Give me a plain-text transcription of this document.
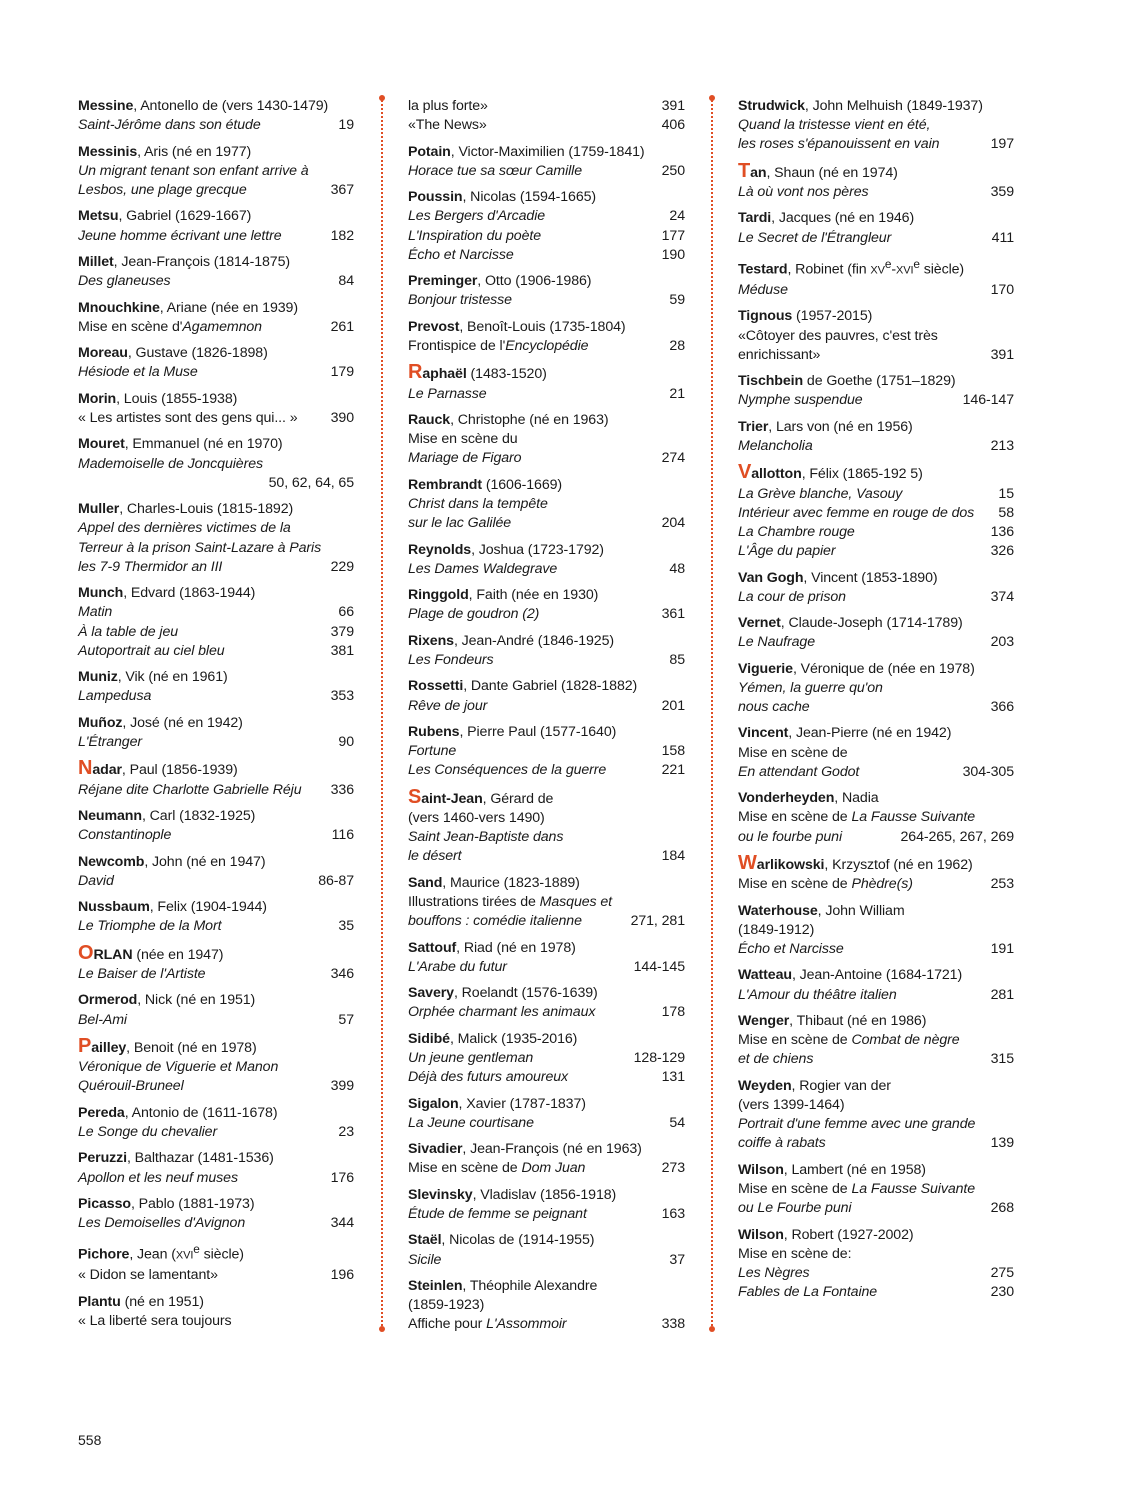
Messine, Antonello de (vers 1430-1479)
Saint-Jérôme dans son étude	19
Messinis, Aris (né en 1977)
Un migrant tenant son enfant arrive à
Lesbos, une plage grecque	367
Metsu, Gabriel (1629-1667)
Jeune homme écrivant une lettre	182
Millet, Jean-François (1814-1875)
Des glaneuses	84
Mnouchkine, Ariane (née en 1939)
Mise en scène d'Agamemnon	261
Moreau, Gustave (1826-1898)
Hésiode et la Muse	179
Morin, Louis (1855-1938)
« Les artistes sont des gens qui... »	390
Mouret, Emmanuel (né en 1970)
Mademoiselle de Joncquières
50, 62, 64, 65
Muller, Charles-Louis (1815-1892)
Appel des dernières victimes de la
Terreur à la prison Saint-Lazare à Paris
les 7-9 Thermidor an III	229
Munch, Edvard (1863-1944)
Matin	66
À la table de jeu	379
Autoportrait au ciel bleu	381
Muniz, Vik (né en 1961)
Lampedusa	353
Muñoz, José (né en 1942)
L'Étranger	90
Nadar, Paul (1856-1939)
Réjane dite Charlotte Gabrielle Réju	336
Neumann, Carl (1832-1925)
Constantinople	116
Newcomb, John (né en 1947)
David	86-87
Nussbaum, Felix (1904-1944)
Le Triomphe de la Mort	35
ORLAN (née en 1947)
Le Baiser de l'Artiste	346
Ormerod, Nick (né en 1951)
Bel-Ami	57
Pailley, Benoit (né en 1978)
Véronique de Viguerie et Manon
Quérouil-Bruneel	399
Pereda, Antonio de (1611-1678)
Le Songe du chevalier	23
Peruzzi, Balthazar (1481-1536)
Apollon et les neuf muses	176
Picasso, Pablo (1881-1973)
Les Demoiselles d'Avignon	344
Pichore, Jean (XVIe siècle)
« Didon se lamentant»	196
Plantu (né en 1951)
« La liberté sera toujours
la plus forte»	391
«The News»	406
Potain, Victor-Maximilien (1759-1841)
Horace tue sa sœur Camille	250
Poussin, Nicolas (1594-1665)
Les Bergers d'Arcadie	24
L'Inspiration du poète	177
Écho et Narcisse	190
Preminger, Otto (1906-1986)
Bonjour tristesse	59
Prevost, Benoît-Louis (1735-1804)
Frontispice de l'Encyclopédie	28
Raphaël (1483-1520)
Le Parnasse	21
Rauck, Christophe (né en 1963)
Mise en scène du
Mariage de Figaro	274
Rembrandt (1606-1669)
Christ dans la tempête
sur le lac Galilée	204
Reynolds, Joshua (1723-1792)
Les Dames Waldegrave	48
Ringgold, Faith (née en 1930)
Plage de goudron (2)	361
Rixens, Jean-André (1846-1925)
Les Fondeurs	85
Rossetti, Dante Gabriel (1828-1882)
Rêve de jour	201
Rubens, Pierre Paul (1577-1640)
Fortune	158
Les Conséquences de la guerre	221
Saint-Jean, Gérard de
(vers 1460-vers 1490)
Saint Jean-Baptiste dans
le désert	184
Sand, Maurice (1823-1889)
Illustrations tirées de Masques et
bouffons : comédie italienne	271, 281
Sattouf, Riad (né en 1978)
L'Arabe du futur	144-145
Savery, Roelandt (1576-1639)
Orphée charmant les animaux	178
Sidibé, Malick (1935-2016)
Un jeune gentleman	128-129
Déjà des futurs amoureux	131
Sigalon, Xavier (1787-1837)
La Jeune courtisane	54
Sivadier, Jean-François (né en 1963)
Mise en scène de Dom Juan	273
Slevinsky, Vladislav (1856-1918)
Étude de femme se peignant	163
Staël, Nicolas de (1914-1955)
Sicile	37
Steinlen, Théophile Alexandre
(1859-1923)
Affiche pour L'Assommoir	338
Strudwick, John Melhuish (1849-1937)
Quand la tristesse vient en été,
les roses s'épanouissent en vain	197
Tan, Shaun (né en 1974)
Là où vont nos pères	359
Tardi, Jacques (né en 1946)
Le Secret de l'Étrangleur	411
Testard, Robinet (fin XVe-XVIe siècle)
Méduse	170
Tignous (1957-2015)
«Côtoyer des pauvres, c'est très
enrichissant»	391
Tischbein de Goethe (1751–1829)
Nymphe suspendue	146-147
Trier, Lars von (né en 1956)
Melancholia	213
Vallotton, Félix (1865-192 5)
La Grève blanche, Vasouy	15
Intérieur avec femme en rouge de dos	58
La Chambre rouge	136
L'Âge du papier	326
Van Gogh, Vincent (1853-1890)
La cour de prison	374
Vernet, Claude-Joseph (1714-1789)
Le Naufrage	203
Viguerie, Véronique de (née en 1978)
Yémen, la guerre qu'on
nous cache	366
Vincent, Jean-Pierre (né en 1942)
Mise en scène de
En attendant Godot	304-305
Vonderheyden, Nadia
Mise en scène de La Fausse Suivante
ou le fourbe puni	264-265, 267, 269
Warlikowski, Krzysztof (né en 1962)
Mise en scène de Phèdre(s)	253
Waterhouse, John William
(1849-1912)
Écho et Narcisse	191
Watteau, Jean-Antoine (1684-1721)
L'Amour du théâtre italien	281
Wenger, Thibaut (né en 1986)
Mise en scène de Combat de nègre
et de chiens	315
Weyden, Rogier van der
(vers 1399-1464)
Portrait d'une femme avec une grande
coiffe à rabats	139
Wilson, Lambert (né en 1958)
Mise en scène de La Fausse Suivante
ou Le Fourbe puni	268
Wilson, Robert (1927-2002)
Mise en scène de:
Les Nègres	275
Fables de La Fontaine	230
558
